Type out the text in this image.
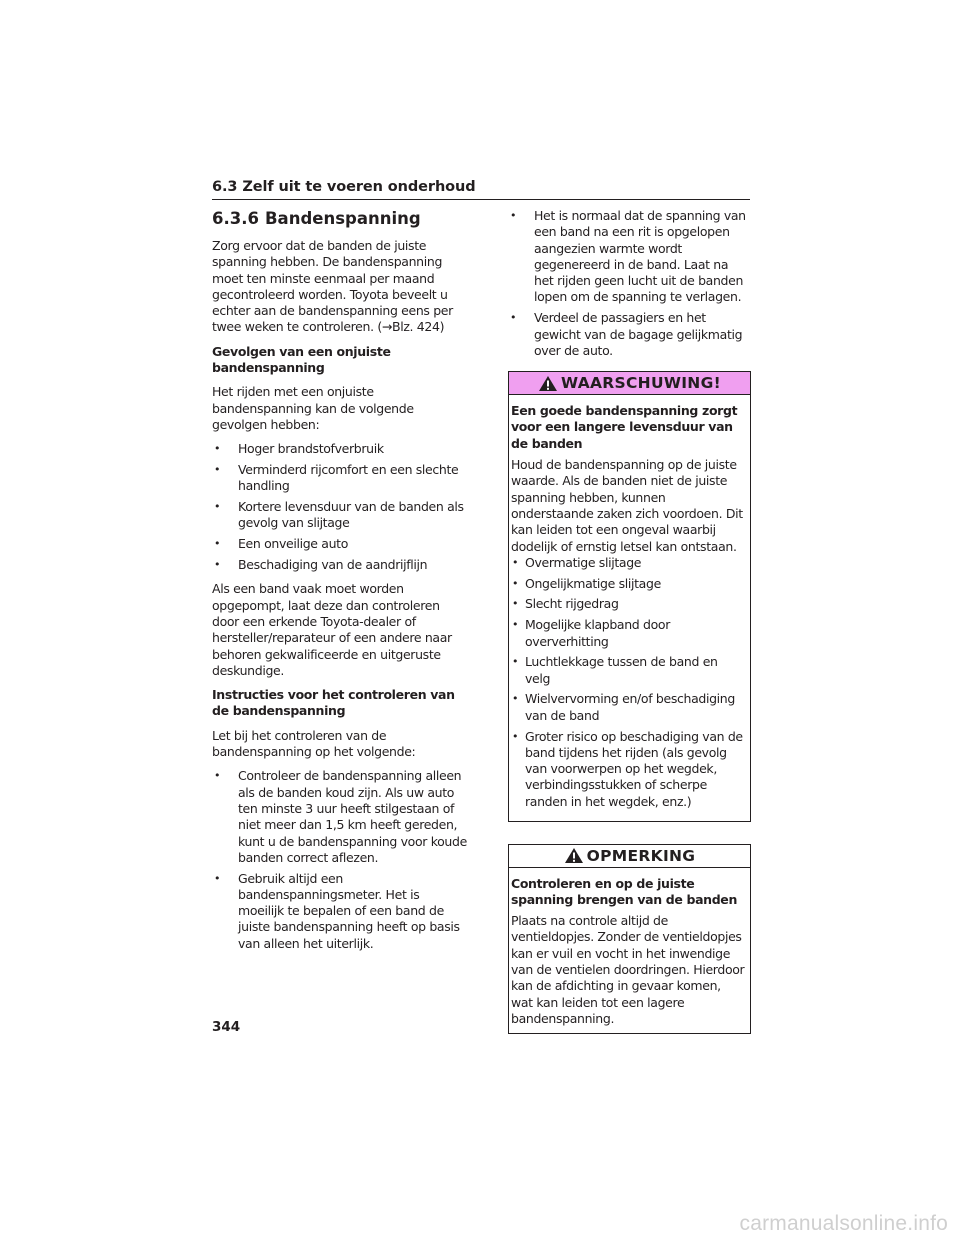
6.3 Zelf uit te voeren onderhoud
6.3.6 Bandenspanning

Zorg ervoor dat de banden de juiste spanning hebben. De bandenspanning moet ten minste eenmaal per maand gecontroleerd worden. Toyota beveelt u echter aan de bandenspanning eens per twee weken te controleren. (→Blz. 424)

Gevolgen van een onjuiste bandenspanning

Het rijden met een onjuiste bandenspanning kan de volgende gevolgen hebben:

• Hoger brandstofverbruik
• Verminderd rijcomfort en een slechte handling
• Kortere levensduur van de banden als gevolg van slijtage
• Een onveilige auto
• Beschadiging van de aandrijflijn

Als een band vaak moet worden opgepompt, laat deze dan controleren door een erkende Toyota-dealer of hersteller/reparateur of een andere naar behoren gekwalificeerde en uitgeruste deskundige.

Instructies voor het controleren van de bandenspanning

Let bij het controleren van de bandenspanning op het volgende:

• Controleer de bandenspanning alleen als de banden koud zijn. Als uw auto ten minste 3 uur heeft stilgestaan of niet meer dan 1,5 km heeft gereden, kunt u de bandenspanning voor koude banden correct aflezen.
• Gebruik altijd een bandenspanningsmeter. Het is moeilijk te bepalen of een band de juiste bandenspanning heeft op basis van alleen het uiterlijk.
• Het is normaal dat de spanning van een band na een rit is opgelopen aangezien warmte wordt gegenereerd in de band. Laat na het rijden geen lucht uit de banden lopen om de spanning te verlagen.
• Verdeel de passagiers en het gewicht van de bagage gelijkmatig over de auto.
WAARSCHUWING!
Een goede bandenspanning zorgt voor een langere levensduur van de banden

Houd de bandenspanning op de juiste waarde. Als de banden niet de juiste spanning hebben, kunnen onderstaande zaken zich voordoen. Dit kan leiden tot een ongeval waarbij dodelijk of ernstig letsel kan ontstaan.

• Overmatige slijtage
• Ongelijkmatige slijtage
• Slecht rijgedrag
• Mogelijke klapband door oververhitting
• Luchtlekkage tussen de band en velg
• Wielvervorming en/of beschadiging van de band
• Groter risico op beschadiging van de band tijdens het rijden (als gevolg van voorwerpen op het wegdek, verbindingsstukken of scherpe randen in het wegdek, enz.)
OPMERKING
Controleren en op de juiste spanning brengen van de banden

Plaats na controle altijd de ventieldopjes. Zonder de ventieldopjes kan er vuil en vocht in het inwendige van de ventielen doordringen. Hierdoor kan de afdichting in gevaar komen, wat kan leiden tot een lagere bandenspanning.

344
carmanualsonline.info
